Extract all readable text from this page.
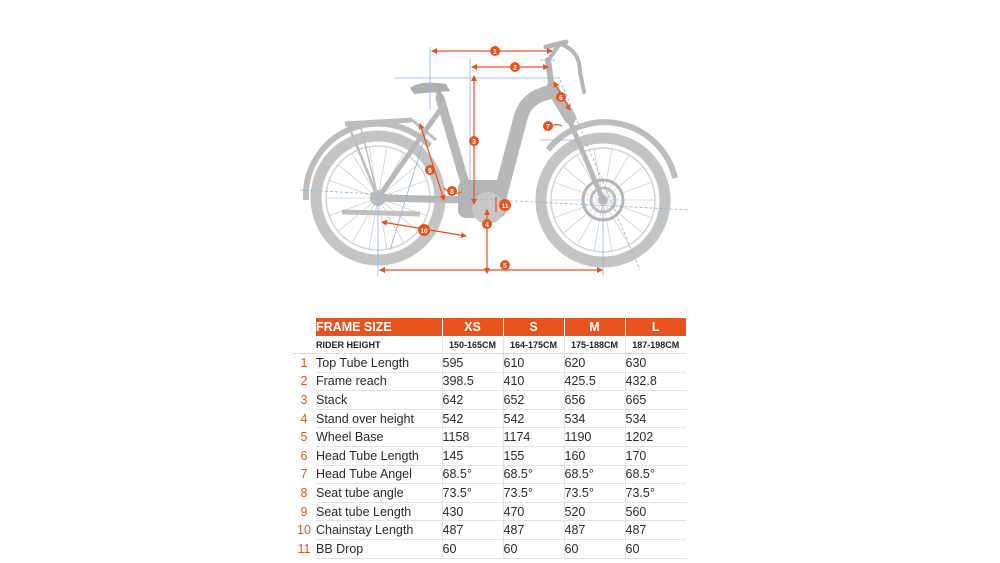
1
2
3
4
5
6
7
8
9
10
11
	FRAME SIZE	XS	S	M	L
	RIDER HEIGHT	150-165CM	164-175CM	175-188CM	187-198CM
1	Top Tube Length	595	610	620	630
2	Frame reach	398.5	410	425.5	432.8
3	Stack	642	652	656	665
4	Stand over height	542	542	534	534
5	Wheel Base	1158	1174	1190	1202
6	Head Tube Length	145	155	160	170
7	Head Tube Angel	68.5°	68.5°	68.5°	68.5°
8	Seat tube angle	73.5°	73.5°	73.5°	73.5°
9	Seat tube Length	430	470	520	560
10	Chainstay Length	487	487	487	487
11	BB Drop	60	60	60	60
